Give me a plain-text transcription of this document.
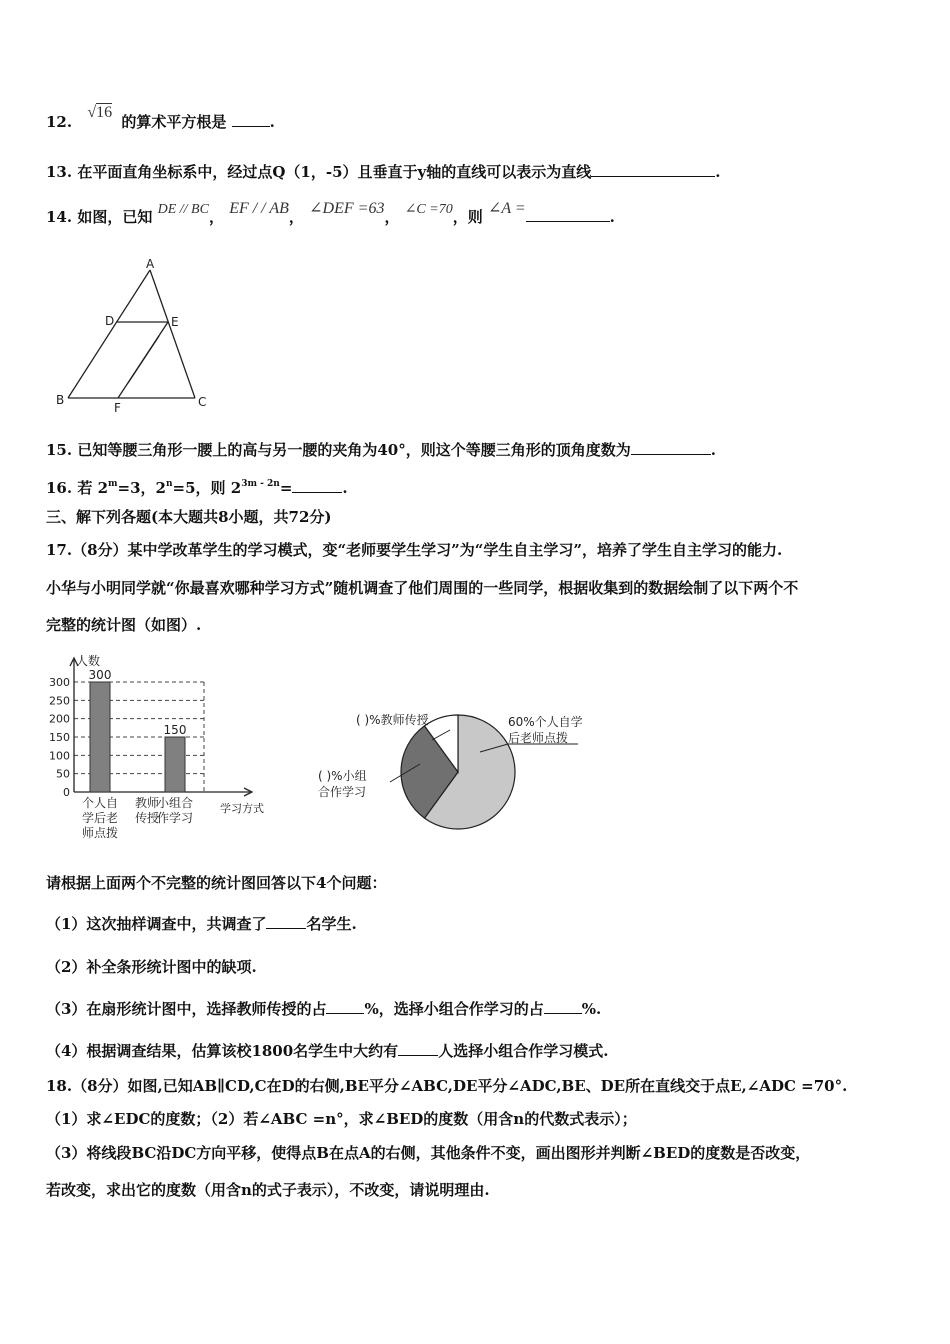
12. √16 的算术平方根是	.
13. 在平面直角坐标系中，经过点Q（1，-5）且垂直于y轴的直线可以表示为直线	.
14. 如图，已知 DE // BC， EF / / AB， ∠DEF =63， ∠C =70，则 ∠A =	.
A
D	E
B	C
F
15. 已知等腰三角形一腰上的高与另一腰的夹角为40°，则这个等腰三角形的顶角度数为	.
16. 若 $2^m=3$，$2^n=5$，则 $2^{3m - 2n}=$	.
三、解下列各题(本大题共8小题，共72分)
17.（8分）某中学改革学生的学习模式，变“老师要学生学习”为“学生自主学习”，培养了学生自主学习的能力.
小华与小明同学就“你最喜欢哪种学习方式”随机调查了他们周围的一些同学，根据收集到的数据绘制了以下两个不
完整的统计图（如图）.
300
250
200
150
100
50
0
人数
学习方式
300
个人自
学后老
师点拨
教师
传授
150
小组合
作学习
60%个人自学
后老师点拨
( )%小组
合作学习
( )%教师传授
请根据上面两个不完整的统计图回答以下4个问题：
（1）这次抽样调查中，共调查了	名学生.
（2）补全条形统计图中的缺项.
（3）在扇形统计图中，选择教师传授的占	%，选择小组合作学习的占	%.
（4）根据调查结果，估算该校1800名学生中大约有	人选择小组合作学习模式.
18.（8分）如图,已知AB∥CD,C在D的右侧,BE平分∠ABC,DE平分∠ADC,BE、DE所在直线交于点E,∠ADC =70°.
（1）求∠EDC的度数；（2）若∠ABC =n°，求∠BED的度数（用含n的代数式表示）；
（3）将线段BC沿DC方向平移，使得点B在点A的右侧，其他条件不变，画出图形并判断∠BED的度数是否改变，
若改变，求出它的度数（用含n的式子表示），不改变，请说明理由.
